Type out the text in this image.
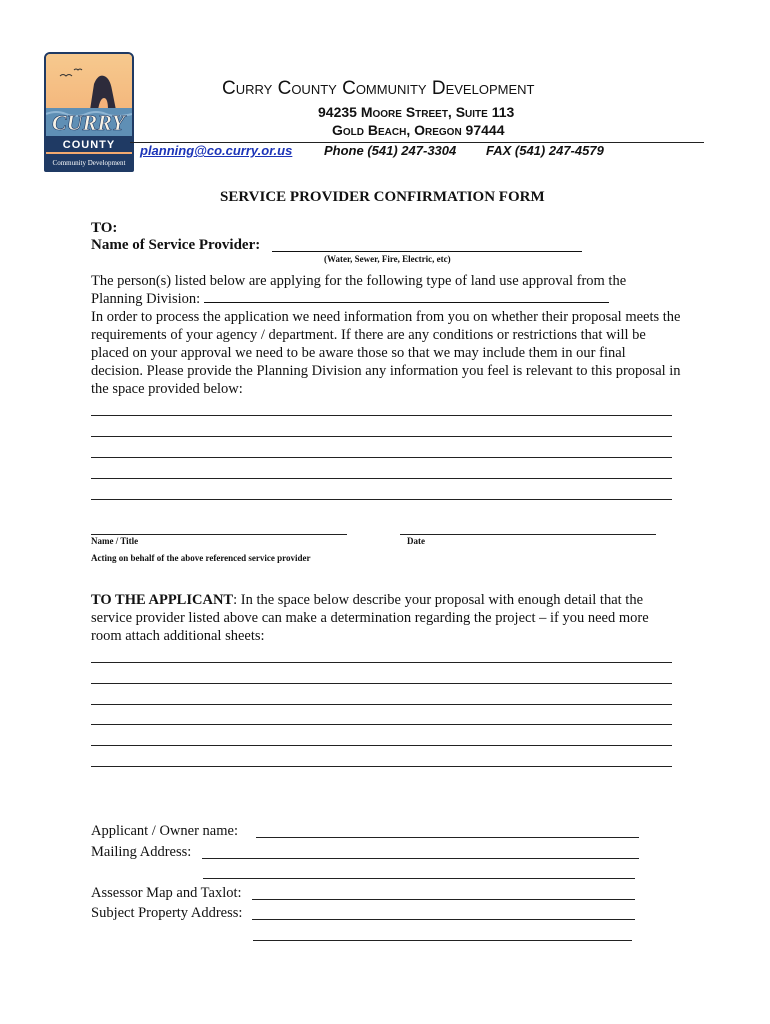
CURRY
COUNTY
Community Development
Curry County Community Development
94235 Moore Street, Suite 113
Gold Beach, Oregon 97444
planning@co.curry.or.us Phone (541) 247-3304 FAX (541) 247-4579
SERVICE PROVIDER CONFIRMATION FORM
TO:
Name of Service Provider:
(Water, Sewer, Fire, Electric, etc)
The person(s) listed below are applying for the following type of land use approval from the Planning Division:
In order to process the application we need information from you on whether their proposal meets the requirements of your agency / department. If there are any conditions or restrictions that will be placed on your approval we need to be aware those so that we may include them in our final decision. Please provide the Planning Division any information you feel is relevant to this proposal in the space provided below:
Name / Title	Date
Acting on behalf of the above referenced service provider
TO THE APPLICANT: In the space below describe your proposal with enough detail that the service provider listed above can make a determination regarding the project – if you need more room attach additional sheets:
Applicant / Owner name:
Mailing Address:
Assessor Map and Taxlot:
Subject Property Address:
